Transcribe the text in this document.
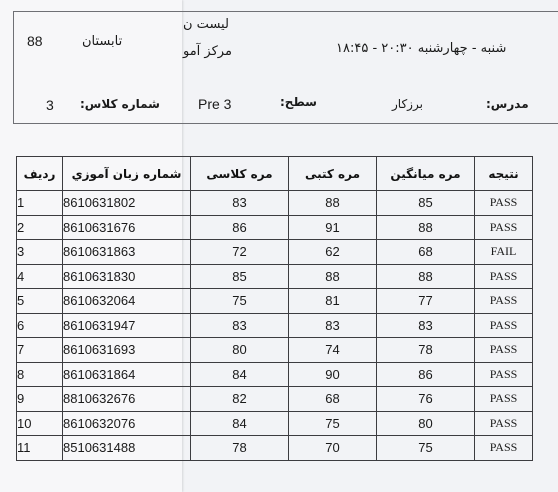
لیست ن
مرکز آمو	شنبه - چهارشنبه ۲۰:۳۰ - ۱۸:۴۵
88	تابستان
مدرس:
برزکار
سطح:
Pre 3
شماره کلاس:
3
ردیف	شماره زبان آموزي	مره کلاسی	مره کتبی	مره میانگین	نتیجه
1	8610631802	83	88	85	PASS
2	8610631676	86	91	88	PASS
3	8610631863	72	62	68	FAIL
4	8610631830	85	88	88	PASS
5	8610632064	75	81	77	PASS
6	8610631947	83	83	83	PASS
7	8610631693	80	74	78	PASS
8	8610631864	84	90	86	PASS
9	8810632676	82	68	76	PASS
10	8610632076	84	75	80	PASS
11	8510631488	78	70	75	PASS
